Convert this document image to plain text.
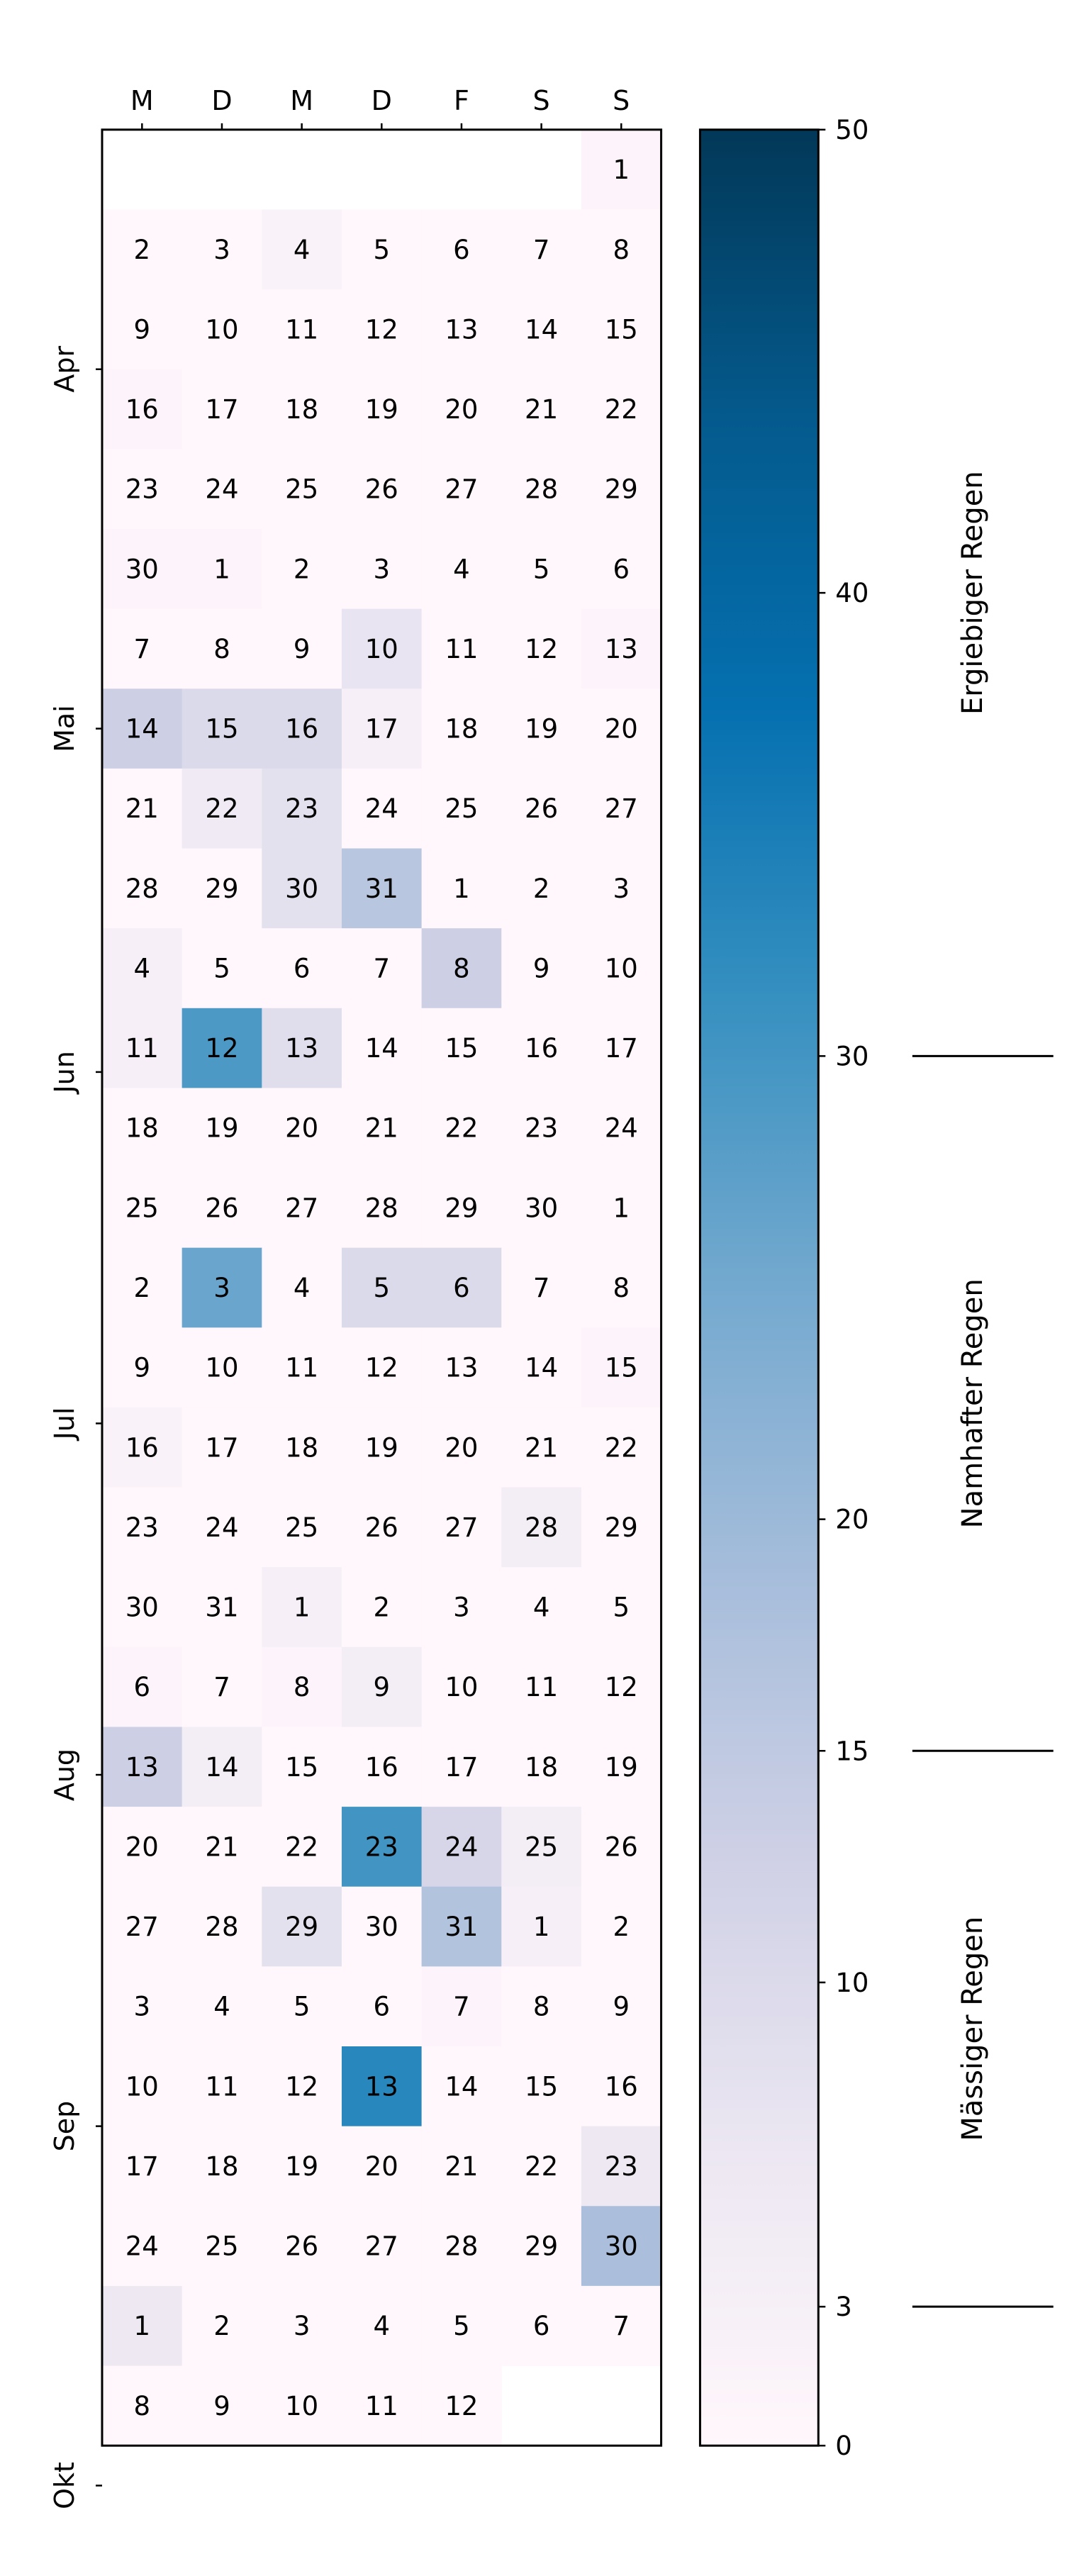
1
2 3 4 5 6 7 8
9 10 11 12 13 14 15
16 17 18 19 20 21 22
23 24 25 26 27 28 29
30 1 2 3 4 5 6
7 8 9 10 11 12 13
14 15 16 17 18 19 20
21 22 23 24 25 26 27
28 29 30 31 1 2 3
4 5 6 7 8 9 10
11 12 13 14 15 16 17
18 19 20 21 22 23 24
25 26 27 28 29 30 1
2 3 4 5 6 7 8
9 10 11 12 13 14 15
16 17 18 19 20 21 22
23 24 25 26 27 28 29
30 31 1 2 3 4 5
6 7 8 9 10 11 12
13 14 15 16 17 18 19
20 21 22 23 24 25 26
27 28 29 30 31 1 2
3 4 5 6 7 8 9
10 11 12 13 14 15 16
17 18 19 20 21 22 23
24 25 26 27 28 29 30
1 2 3 4 5 6 7
8 9 10 11 12
M D M D F S S
Apr
Mai
Jun
Jul
Aug
Sep
Okt
0
3
10
15
20
30
40
50
Mässiger Regen
Namhafter Regen
Ergiebiger Regen
